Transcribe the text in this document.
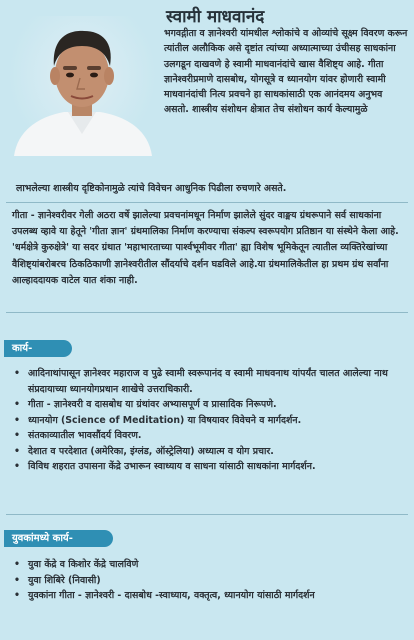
स्वामी माधवानंद
भगवद्गीता व ज्ञानेश्वरी यांमधील श्लोकांचे व ओव्यांचे सूक्ष्म विवरण करून त्यांतील अलौकिक असे दृष्टांत त्यांच्या अध्यात्माच्या उंचीसह साधकांना उलगडून दाखवणे हे स्वामी माधवानंदांचे खास वैशिष्ट्य आहे. गीता ज्ञानेश्वरीप्रमाणे दासबोध, योगसूत्रे व ध्यानयोग यांवर होणारी स्वामी माधवानंदांची नित्य प्रवचने हा साधकांसाठी एक आनंदमय अनुभव असतो. शास्त्रीय संशोधन क्षेत्रात तेच संशोधन कार्य केल्यामुळे
लाभलेल्या शास्त्रीय दृष्टिकोनामुळे त्यांचे विवेचन आधुनिक पिढीला रुचणारे असते.
गीता - ज्ञानेश्वरीवर गेली अठरा वर्षे झालेल्या प्रवचनांमधून निर्माण झालेले सुंदर वाङ्मय ग्रंथरूपाने सर्व साधकांना उपलब्ध व्हावे या हेतूने 'गीता ज्ञान' ग्रंथमालिका निर्माण करण्याचा संकल्प स्वरूपयोग प्रतिष्ठान या संस्थेने केला आहे. 'धर्मक्षेत्रे कुरुक्षेत्रे' या सदर ग्रंथात 'महाभारताच्या पार्श्वभूमीवर गीता' ह्या विशेष भूमिकेतून त्यातील व्यक्तिरेखांच्या वैशिष्ट्यांबरोबरच ठिकठिकाणी ज्ञानेश्वरीतील सौंदर्याचे दर्शन घडविले आहे.या ग्रंथमालिकेतील हा प्रथम ग्रंथ सर्वांना आल्हाददायक वाटेल यात शंका नाही.
कार्य-
• आदिनाथांपासून ज्ञानेश्वर महाराज व पुढे स्वामी स्वरूपानंद व स्वामी माधवनाथ यांपर्यंत चालत आलेल्या नाथ संप्रदायाच्या ध्यानयोगप्रधान शाखेचे उत्तराधिकारी.
• गीता - ज्ञानेश्वरी व दासबोध या ग्रंथांवर अभ्यासपूर्ण व प्रासादिक निरूपणे.
• ध्यानयोग (Science of Meditation) या विषयावर विवेचने व मार्गदर्शन.
• संतकाव्यातील भावसौंदर्य विवरण.
• देशात व परदेशात (अमेरिका, इंग्लंड, ऑस्ट्रेलिया) अध्यात्म व योग प्रचार.
• विविध शहरात उपासना केंद्रे उभारून स्वाध्याय व साधना यांसाठी साधकांना मार्गदर्शन.
युवकांमध्ये कार्य-
• युवा केंद्रे व किशोर केंद्रे चालविणे
• युवा शिबिरे (निवासी)
• युवकांना गीता - ज्ञानेश्वरी - दासबोध -स्वाध्याय, वक्तृत्व, ध्यानयोग यांसाठी मार्गदर्शन
